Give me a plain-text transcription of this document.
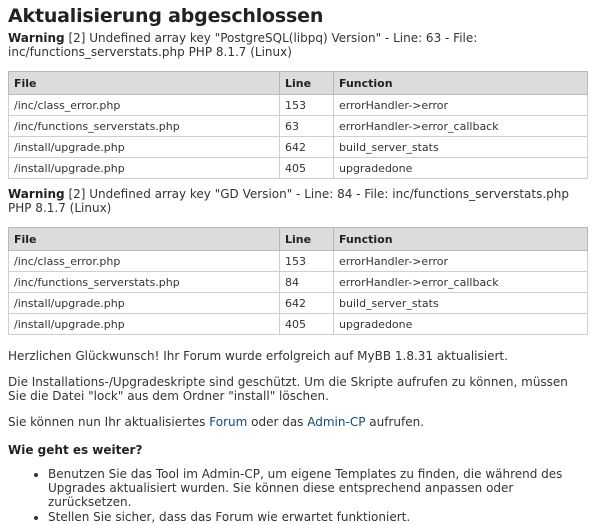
Aktualisierung abgeschlossen

Warning [2] Undefined array key "PostgreSQL(libpq) Version" - Line: 63 - File: inc/functions_serverstats.php PHP 8.1.7 (Linux)

File	Line	Function
/inc/class_error.php	153	errorHandler->error
/inc/functions_serverstats.php	63	errorHandler->error_callback
/install/upgrade.php	642	build_server_stats
/install/upgrade.php	405	upgradedone

Warning [2] Undefined array key "GD Version" - Line: 84 - File: inc/functions_serverstats.php PHP 8.1.7 (Linux)

File	Line	Function
/inc/class_error.php	153	errorHandler->error
/inc/functions_serverstats.php	84	errorHandler->error_callback
/install/upgrade.php	642	build_server_stats
/install/upgrade.php	405	upgradedone

Herzlichen Glückwunsch! Ihr Forum wurde erfolgreich auf MyBB 1.8.31 aktualisiert.

Die Installations-/Upgradeskripte sind geschützt. Um die Skripte aufrufen zu können, müssen Sie die Datei "lock" aus dem Ordner "install" löschen.

Sie können nun Ihr aktualisiertes Forum oder das Admin-CP aufrufen.

Wie geht es weiter?
• Benutzen Sie das Tool im Admin-CP, um eigene Templates zu finden, die während des Upgrades aktualisiert wurden. Sie können diese entsprechend anpassen oder zurücksetzen.
• Stellen Sie sicher, dass das Forum wie erwartet funktioniert.
